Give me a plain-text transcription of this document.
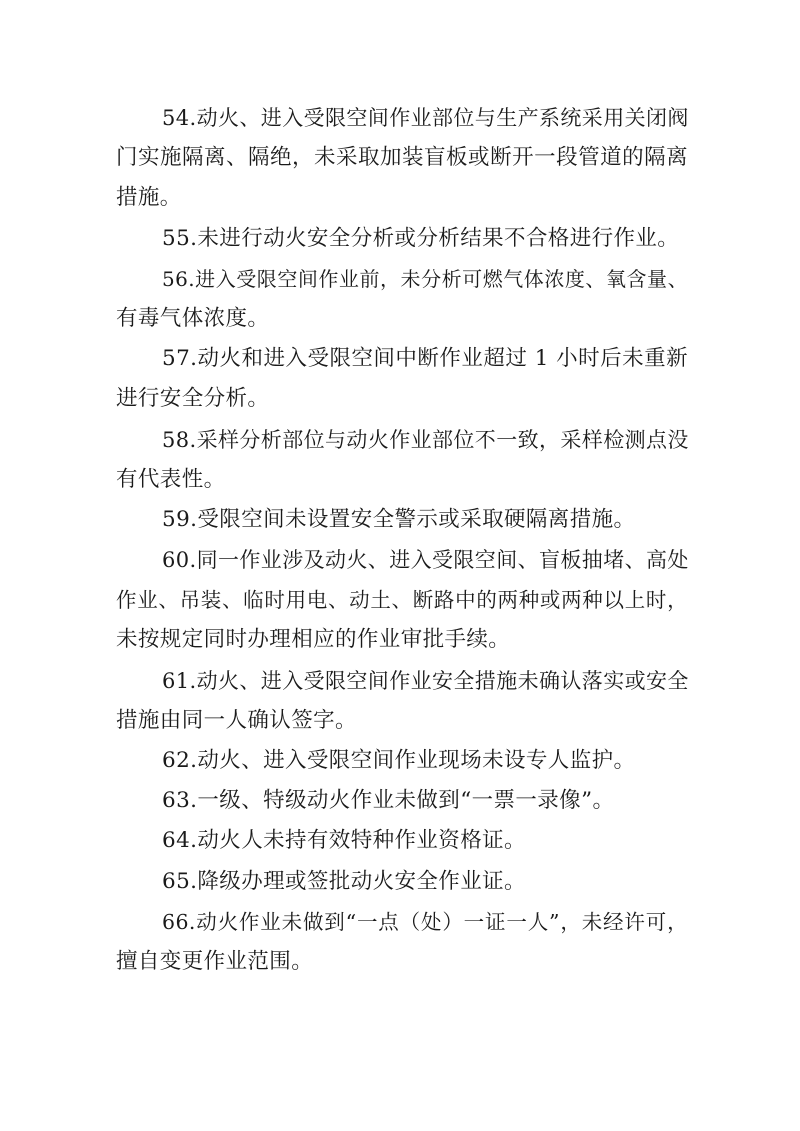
54.动火、进入受限空间作业部位与生产系统采用关闭阀
门实施隔离、隔绝，未采取加装盲板或断开一段管道的隔离
措施。
55.未进行动火安全分析或分析结果不合格进行作业。
56.进入受限空间作业前，未分析可燃气体浓度、氧含量、
有毒气体浓度。
57.动火和进入受限空间中断作业超过 1 小时后未重新
进行安全分析。
58.采样分析部位与动火作业部位不一致，采样检测点没
有代表性。
59.受限空间未设置安全警示或采取硬隔离措施。
60.同一作业涉及动火、进入受限空间、盲板抽堵、高处
作业、吊装、临时用电、动土、断路中的两种或两种以上时，
未按规定同时办理相应的作业审批手续。
61.动火、进入受限空间作业安全措施未确认落实或安全
措施由同一人确认签字。
62.动火、进入受限空间作业现场未设专人监护。
63.一级、特级动火作业未做到“一票一录像”。
64.动火人未持有效特种作业资格证。
65.降级办理或签批动火安全作业证。
66.动火作业未做到“一点（处）一证一人”，未经许可，
擅自变更作业范围。
